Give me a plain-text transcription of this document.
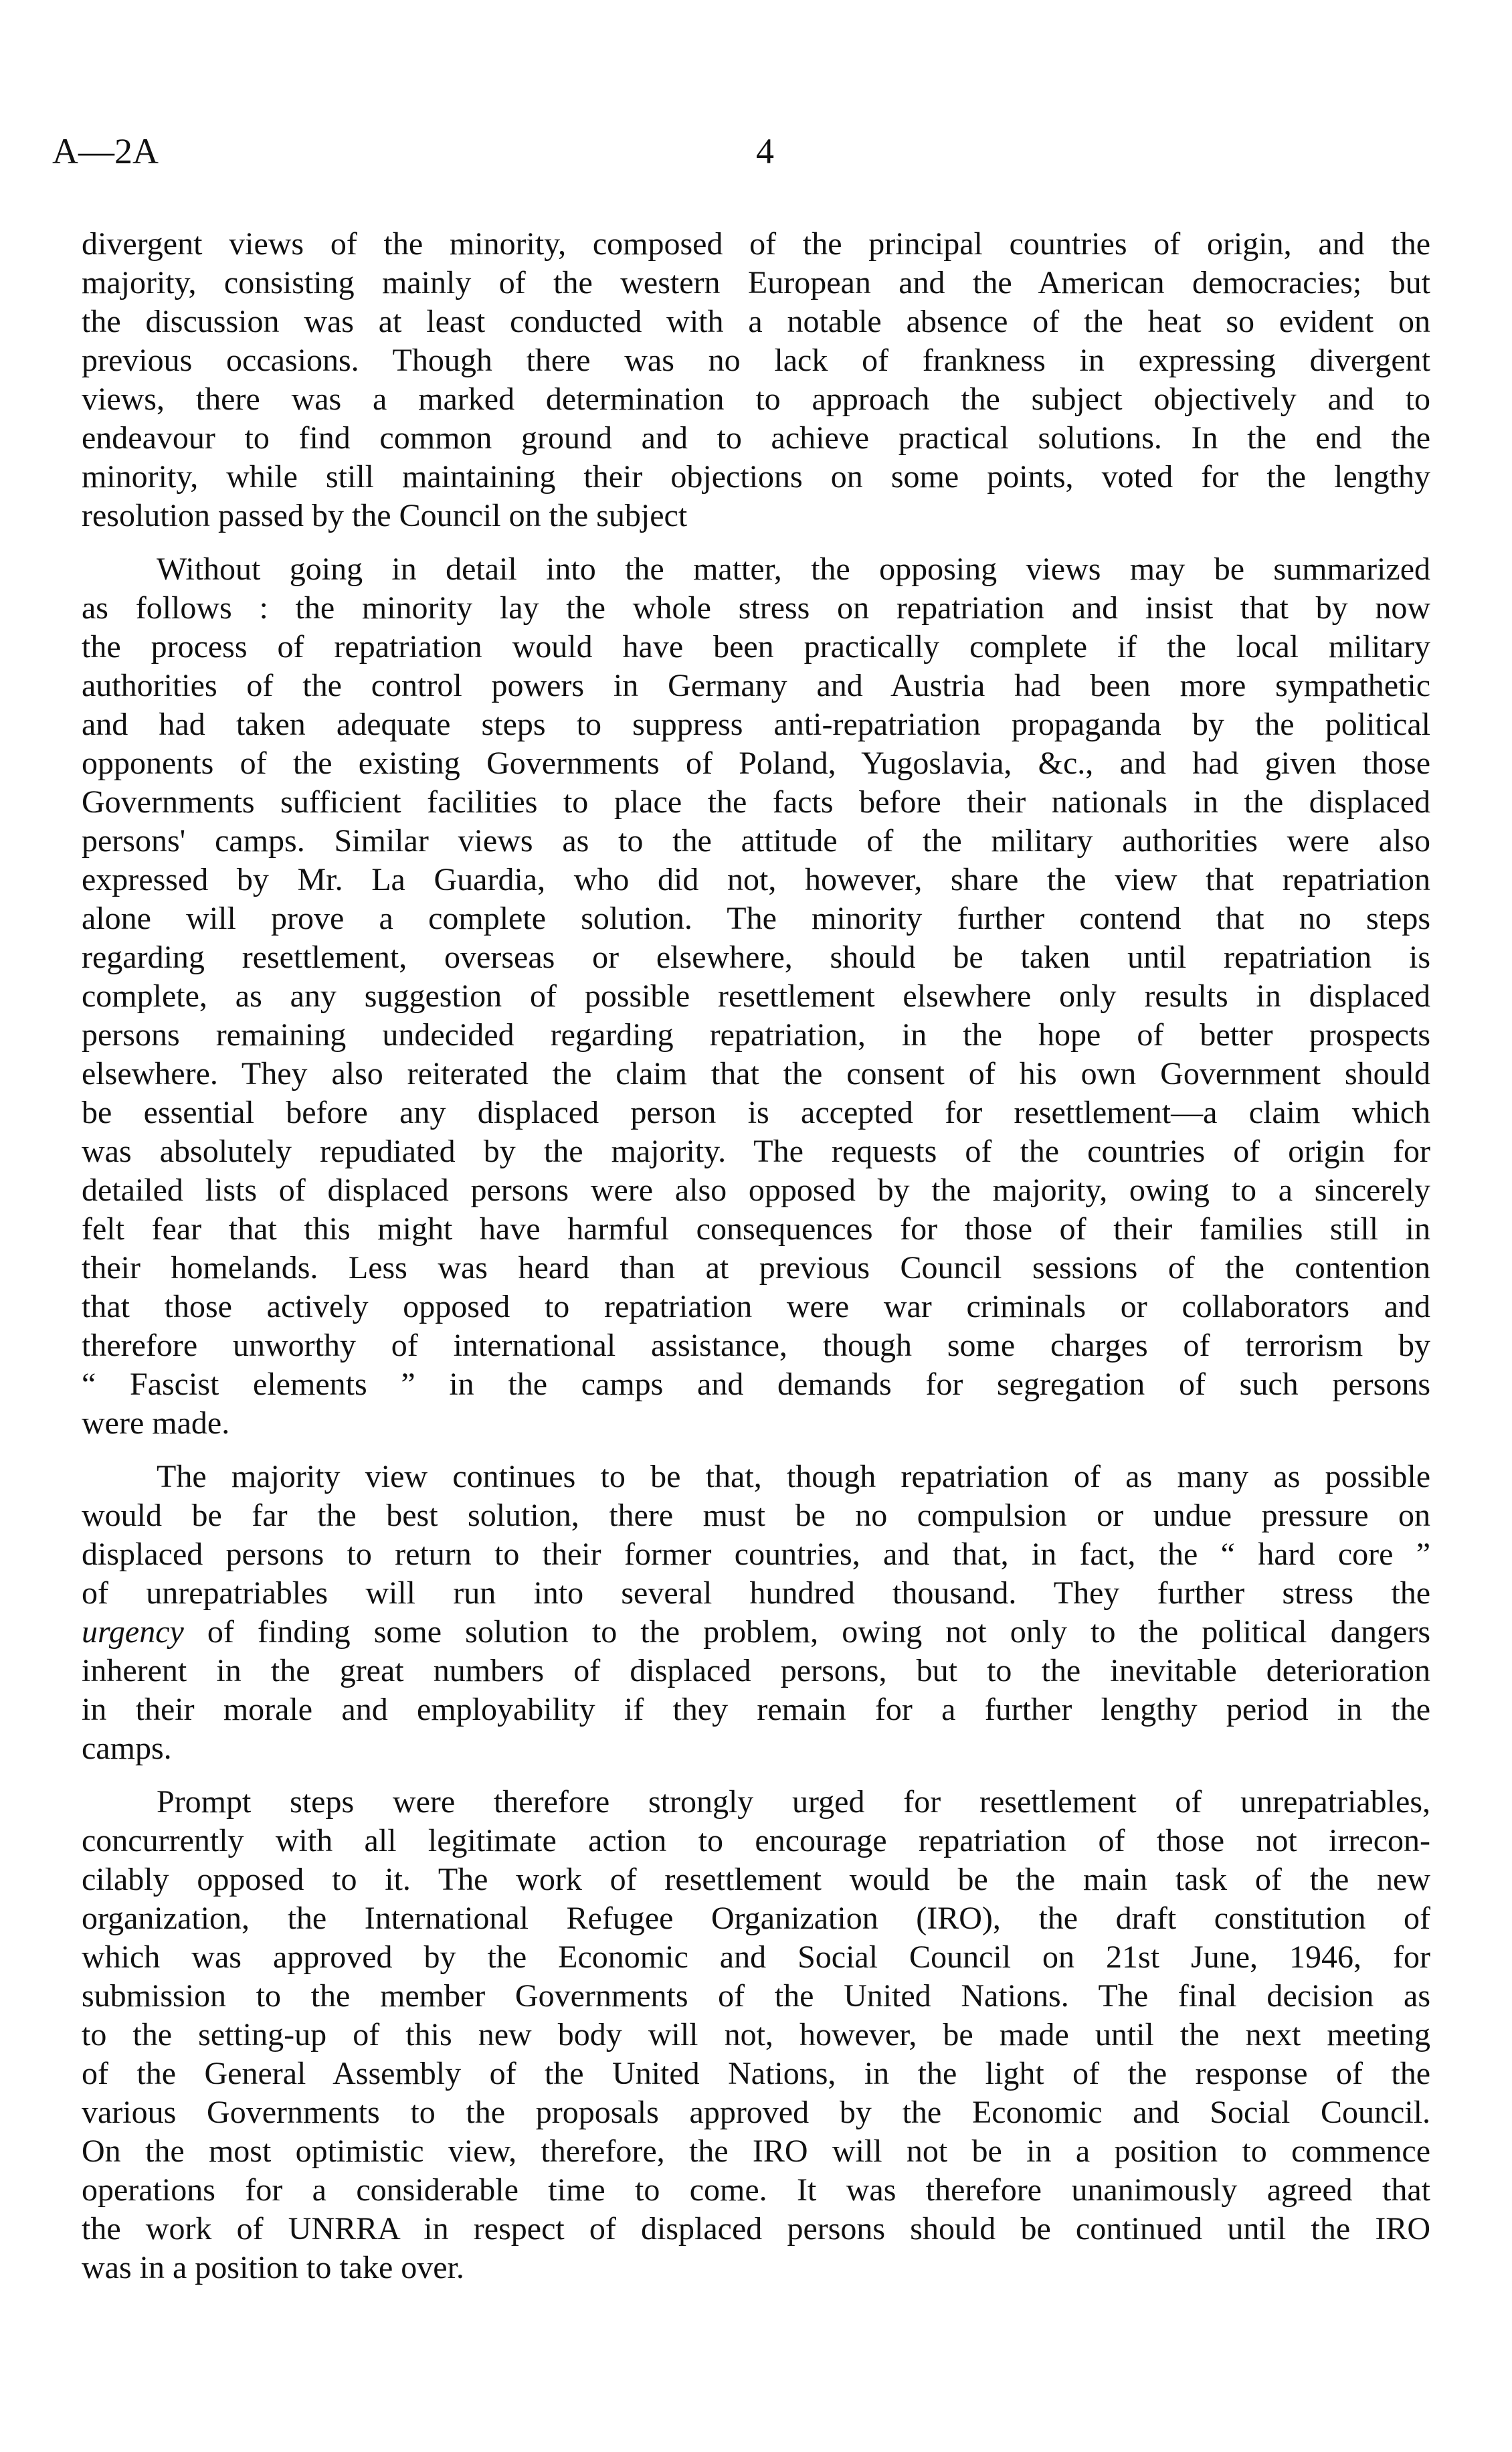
A—2A	4
divergent views of the minority, composed of the principal countries of origin, and the
majority, consisting mainly of the western European and the American democracies; but
the discussion was at least conducted with a notable absence of the heat so evident on
previous occasions. Though there was no lack of frankness in expressing divergent
views, there was a marked determination to approach the subject objectively and to
endeavour to find common ground and to achieve practical solutions. In the end the
minority, while still maintaining their objections on some points, voted for the lengthy
resolution passed by the Council on the subject
Without going in detail into the matter, the opposing views may be summarized
as follows : the minority lay the whole stress on repatriation and insist that by now
the process of repatriation would have been practically complete if the local military
authorities of the control powers in Germany and Austria had been more sympathetic
and had taken adequate steps to suppress anti-repatriation propaganda by the political
opponents of the existing Governments of Poland, Yugoslavia, &c., and had given those
Governments sufficient facilities to place the facts before their nationals in the displaced
persons' camps. Similar views as to the attitude of the military authorities were also
expressed by Mr. La Guardia, who did not, however, share the view that repatriation
alone will prove a complete solution. The minority further contend that no steps
regarding resettlement, overseas or elsewhere, should be taken until repatriation is
complete, as any suggestion of possible resettlement elsewhere only results in displaced
persons remaining undecided regarding repatriation, in the hope of better prospects
elsewhere. They also reiterated the claim that the consent of his own Government should
be essential before any displaced person is accepted for resettlement—a claim which
was absolutely repudiated by the majority. The requests of the countries of origin for
detailed lists of displaced persons were also opposed by the majority, owing to a sincerely
felt fear that this might have harmful consequences for those of their families still in
their homelands. Less was heard than at previous Council sessions of the contention
that those actively opposed to repatriation were war criminals or collaborators and
therefore unworthy of international assistance, though some charges of terrorism by
“ Fascist elements ” in the camps and demands for segregation of such persons
were made.
The majority view continues to be that, though repatriation of as many as possible
would be far the best solution, there must be no compulsion or undue pressure on
displaced persons to return to their former countries, and that, in fact, the “ hard core ”
of unrepatriables will run into several hundred thousand. They further stress the
urgency of finding some solution to the problem, owing not only to the political dangers
inherent in the great numbers of displaced persons, but to the inevitable deterioration
in their morale and employability if they remain for a further lengthy period in the
camps.
Prompt steps were therefore strongly urged for resettlement of unrepatriables,
concurrently with all legitimate action to encourage repatriation of those not irrecon-
cilably opposed to it. The work of resettlement would be the main task of the new
organization, the International Refugee Organization (IRO), the draft constitution of
which was approved by the Economic and Social Council on 21st June, 1946, for
submission to the member Governments of the United Nations. The final decision as
to the setting-up of this new body will not, however, be made until the next meeting
of the General Assembly of the United Nations, in the light of the response of the
various Governments to the proposals approved by the Economic and Social Council.
On the most optimistic view, therefore, the IRO will not be in a position to commence
operations for a considerable time to come. It was therefore unanimously agreed that
the work of UNRRA in respect of displaced persons should be continued until the IRO
was in a position to take over.
